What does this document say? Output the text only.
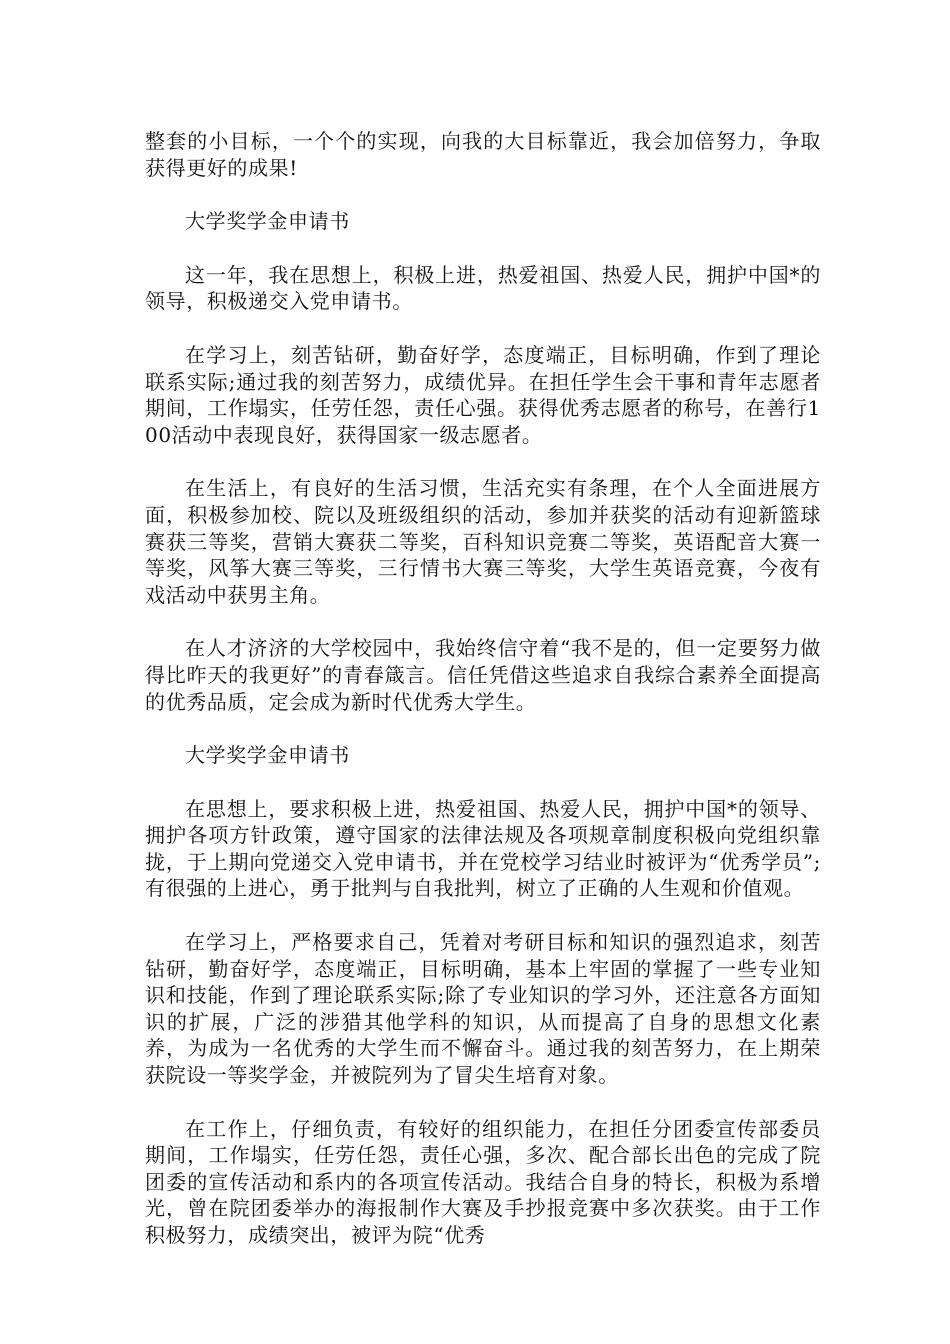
整套的小目标，一个个的实现，向我的大目标靠近，我会加倍努力，争取获得更好的成果!

大学奖学金申请书

这一年，我在思想上，积极上进，热爱祖国、热爱人民，拥护中国*的领导，积极递交入党申请书。

在学习上，刻苦钻研，勤奋好学，态度端正，目标明确，作到了理论联系实际;通过我的刻苦努力，成绩优异。在担任学生会干事和青年志愿者期间，工作塌实，任劳任怨，责任心强。获得优秀志愿者的称号，在善行100活动中表现良好，获得国家一级志愿者。

在生活上，有良好的生活习惯，生活充实有条理，在个人全面进展方面，积极参加校、院以及班级组织的活动，参加并获奖的活动有迎新篮球赛获三等奖，营销大赛获二等奖，百科知识竞赛二等奖，英语配音大赛一等奖，风筝大赛三等奖，三行情书大赛三等奖，大学生英语竞赛，今夜有戏活动中获男主角。

在人才济济的大学校园中，我始终信守着“我不是的，但一定要努力做得比昨天的我更好”的青春箴言。信任凭借这些追求自我综合素养全面提高的优秀品质，定会成为新时代优秀大学生。

大学奖学金申请书

在思想上，要求积极上进，热爱祖国、热爱人民，拥护中国*的领导、拥护各项方针政策，遵守国家的法律法规及各项规章制度积极向党组织靠拢，于上期向党递交入党申请书，并在党校学习结业时被评为“优秀学员”;有很强的上进心，勇于批判与自我批判，树立了正确的人生观和价值观。

在学习上，严格要求自己，凭着对考研目标和知识的强烈追求，刻苦钻研，勤奋好学，态度端正，目标明确，基本上牢固的掌握了一些专业知识和技能，作到了理论联系实际;除了专业知识的学习外，还注意各方面知识的扩展，广泛的涉猎其他学科的知识，从而提高了自身的思想文化素养，为成为一名优秀的大学生而不懈奋斗。通过我的刻苦努力，在上期荣获院设一等奖学金，并被院列为了冒尖生培育对象。

在工作上，仔细负责，有较好的组织能力，在担任分团委宣传部委员期间，工作塌实，任劳任怨，责任心强，多次、配合部长出色的完成了院团委的宣传活动和系内的各项宣传活动。我结合自身的特长，积极为系增光，曾在院团委举办的海报制作大赛及手抄报竞赛中多次获奖。由于工作积极努力，成绩突出，被评为院“优秀
